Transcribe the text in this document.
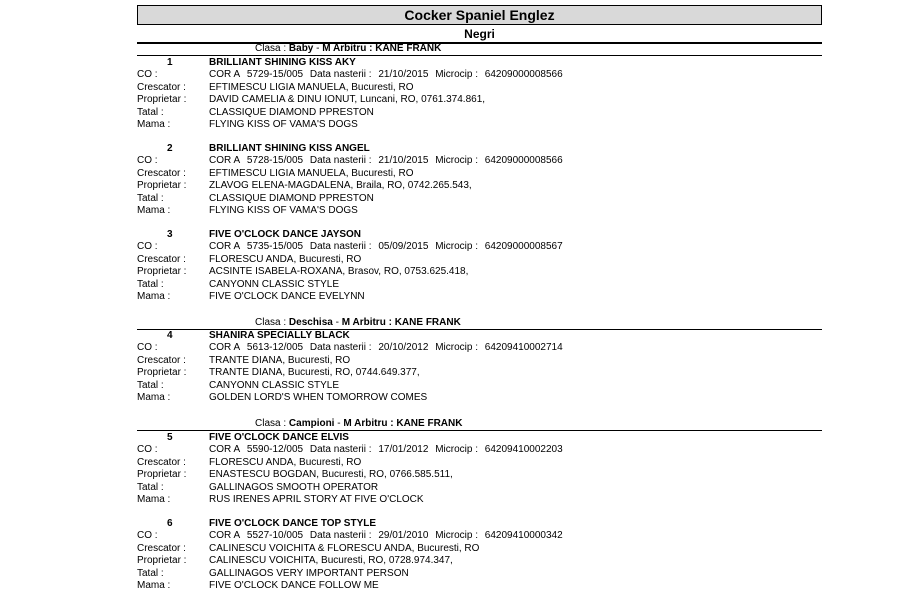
Cocker Spaniel Englez
Negri
Clasa : Baby - M Arbitru : KANE FRANK
1	BRILLIANT SHINING KISS AKY
CO :	COR A 5729-15/005 Data nasterii : 21/10/2015 Microcip : 64209000008566
Crescator :	EFTIMESCU LIGIA MANUELA, Bucuresti, RO
Proprietar :	DAVID CAMELIA & DINU IONUT, Luncani, RO, 0761.374.861,
Tatal :	CLASSIQUE DIAMOND PPRESTON
Mama :	FLYING KISS OF VAMA'S DOGS
2	BRILLIANT SHINING KISS ANGEL
CO :	COR A 5728-15/005 Data nasterii : 21/10/2015 Microcip : 64209000008566
Crescator :	EFTIMESCU LIGIA MANUELA, Bucuresti, RO
Proprietar :	ZLAVOG ELENA-MAGDALENA, Braila, RO, 0742.265.543,
Tatal :	CLASSIQUE DIAMOND PPRESTON
Mama :	FLYING KISS OF VAMA'S DOGS
3	FIVE O'CLOCK DANCE JAYSON
CO :	COR A 5735-15/005 Data nasterii : 05/09/2015 Microcip : 64209000008567
Crescator :	FLORESCU ANDA, Bucuresti, RO
Proprietar :	ACSINTE ISABELA-ROXANA, Brasov, RO, 0753.625.418,
Tatal :	CANYONN CLASSIC STYLE
Mama :	FIVE O'CLOCK DANCE EVELYNN
Clasa : Deschisa - M Arbitru : KANE FRANK
4	SHANIRA SPECIALLY BLACK
CO :	COR A 5613-12/005 Data nasterii : 20/10/2012 Microcip : 64209410002714
Crescator :	TRANTE DIANA, Bucuresti, RO
Proprietar :	TRANTE DIANA, Bucuresti, RO, 0744.649.377,
Tatal :	CANYONN CLASSIC STYLE
Mama :	GOLDEN LORD'S WHEN TOMORROW COMES
Clasa : Campioni - M Arbitru : KANE FRANK
5	FIVE O'CLOCK DANCE ELVIS
CO :	COR A 5590-12/005 Data nasterii : 17/01/2012 Microcip : 64209410002203
Crescator :	FLORESCU ANDA, Bucuresti, RO
Proprietar :	ENASTESCU BOGDAN, Bucuresti, RO, 0766.585.511,
Tatal :	GALLINAGOS SMOOTH OPERATOR
Mama :	RUS IRENES APRIL STORY AT FIVE O'CLOCK
6	FIVE O'CLOCK DANCE TOP STYLE
CO :	COR A 5527-10/005 Data nasterii : 29/01/2010 Microcip : 64209410000342
Crescator :	CALINESCU VOICHITA & FLORESCU ANDA, Bucuresti, RO
Proprietar :	CALINESCU VOICHITA, Bucuresti, RO, 0728.974.347,
Tatal :	GALLINAGOS VERY IMPORTANT PERSON
Mama :	FIVE O'CLOCK DANCE FOLLOW ME
